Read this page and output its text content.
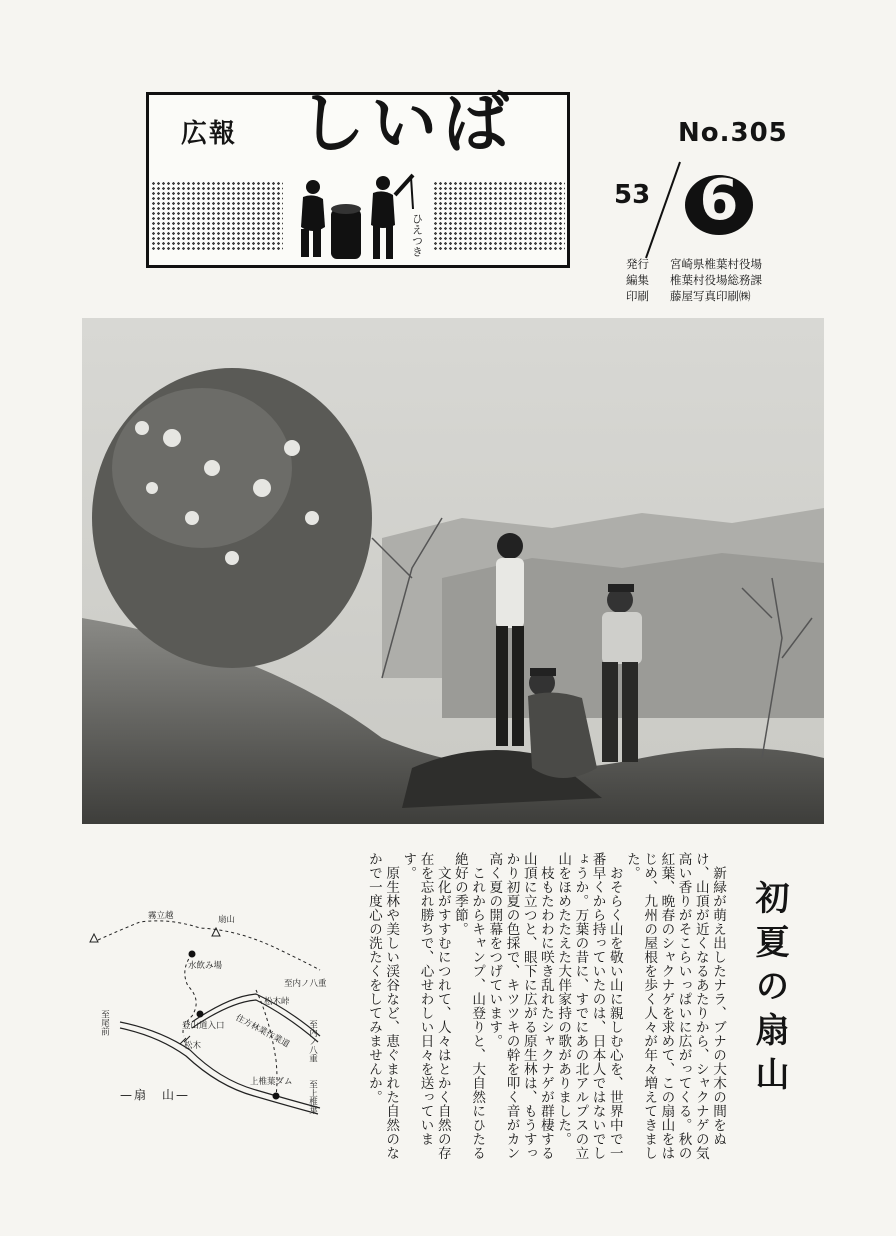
広報 しいば
ひえつき
No.305
53 6
発行	宮崎県椎葉村役場
編集	椎葉村役場総務課
印刷	藤屋写真印刷㈱
初夏の扇山

新緑が萌え出したナラ、ブナの大木の間をぬけ、山頂が近くなるあたりから、シャクナゲの気高い香りがそこらいっぱいに広がってくる。秋の紅葉、晩春のシャクナゲを求めて、この扇山をはじめ、九州の屋根を歩く人々が年々増えてきました。

おそらく山を敬い山に親しむ心を、世界中で一番早くから持っていたのは、日本人ではないでしょうか。万葉の昔に、すでにあの北アルプスの立山をほめたたえた大伴家持の歌がありました。

枝もたわわに咲き乱れたシャクナゲが群棲する山頂に立つと、眼下に広がる原生林は、もうすっかり初夏の色採で、キツツキの幹を叩く音がカン高く夏の開幕をつげています。

これからキャンプ、山登りと、大自然にひたる絶好の季節。

文化がすすむにつれて、人々はとかく自然の存在を忘れ勝ちで、心せわしい日々を送っています。

原生林や美しい渓谷など、恵ぐまれた自然のなかで一度心の洗たくをしてみませんか。

霧立越	扇山
水飲み場
至内ノ八重
松木峠
住方林業作業道
登山道入口
松木	至内ノ八重
至尾前
上椎葉ダム 至上椎葉
—扇　山—
